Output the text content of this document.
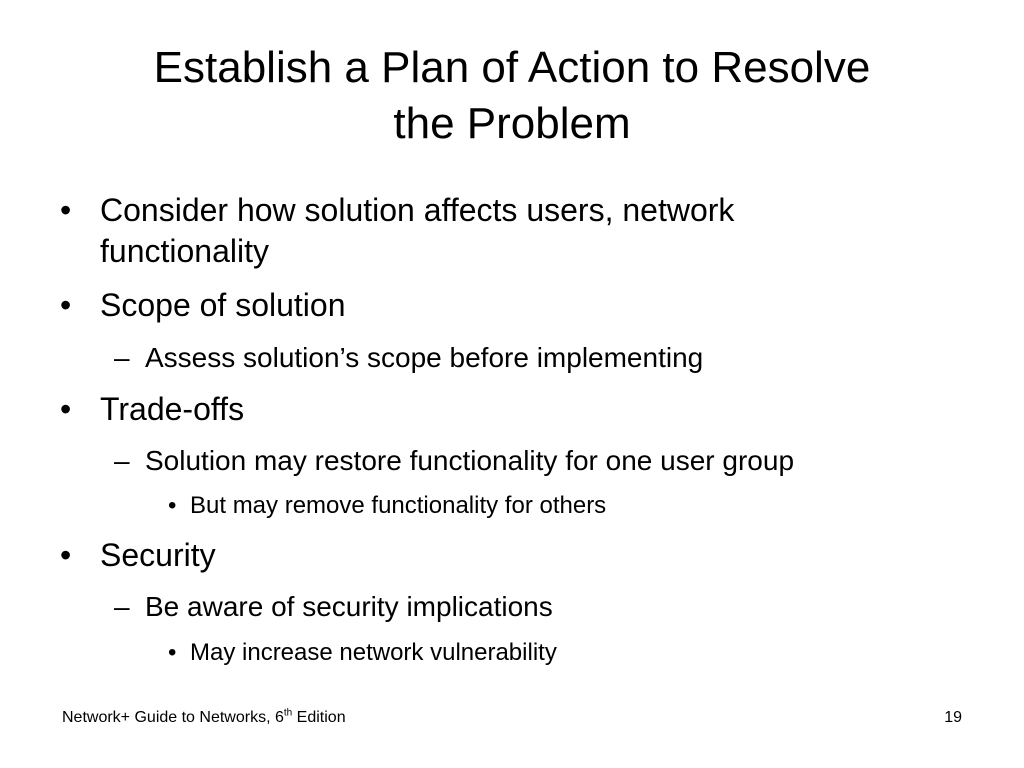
Establish a Plan of Action to Resolve
the Problem
• Consider how solution affects users, network
functionality
• Scope of solution
– Assess solution’s scope before implementing
• Trade-offs
– Solution may restore functionality for one user group
• But may remove functionality for others
• Security
– Be aware of security implications
• May increase network vulnerability
Network+ Guide to Networks, 6th Edition	19
